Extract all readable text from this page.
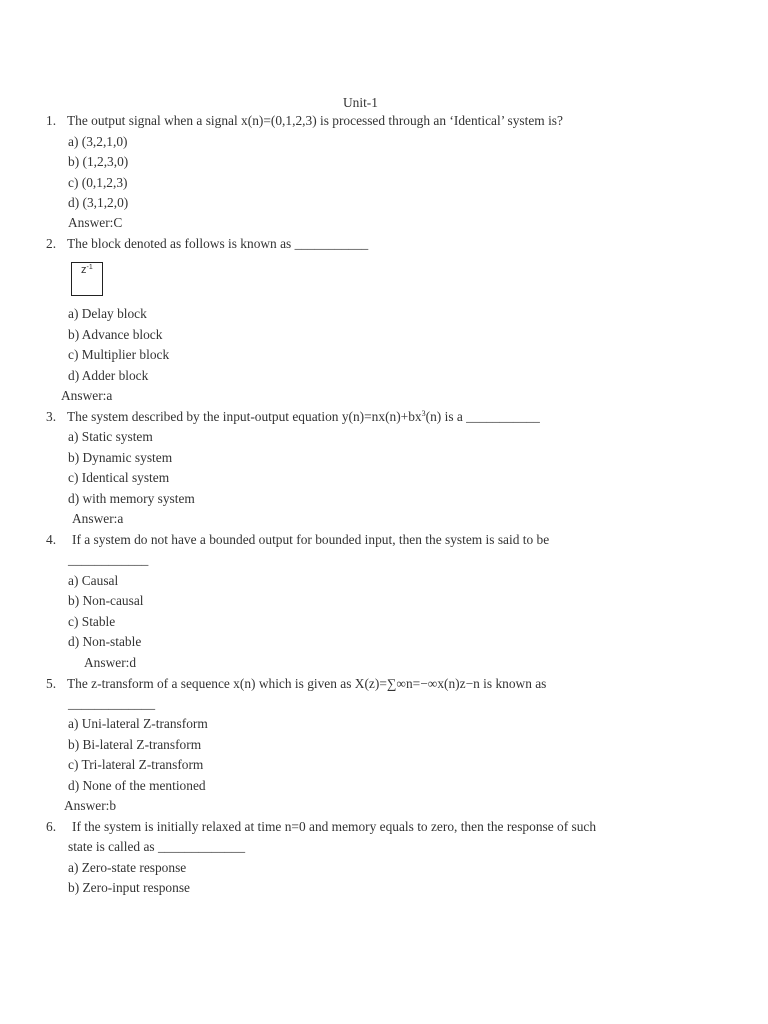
Unit-1
1. The output signal when a signal x(n)=(0,1,2,3) is processed through an ‘Identical’ system is?
a) (3,2,1,0)
b) (1,2,3,0)
c) (0,1,2,3)
d) (3,1,2,0)
Answer:C
2. The block denoted as follows is known as ___________
$z^{-1}$
a) Delay block
b) Advance block
c) Multiplier block
d) Adder block
Answer:a
3. The system described by the input-output equation $y(n)=nx(n)+bx^3(n)$ is a ___________
a) Static system
b) Dynamic system
c) Identical system
d) with memory system
Answer:a
4. If a system do not have a bounded output for bounded input, then the system is said to be
____________
a) Causal
b) Non-causal
c) Stable
d) Non-stable
Answer:d
5. The z-transform of a sequence x(n) which is given as X(z)=∑∞n=−∞x(n)z−n is known as
_____________
a) Uni-lateral Z-transform
b) Bi-lateral Z-transform
c) Tri-lateral Z-transform
d) None of the mentioned
Answer:b
6. If the system is initially relaxed at time n=0 and memory equals to zero, then the response of such
state is called as _____________
a) Zero-state response
b) Zero-input response
